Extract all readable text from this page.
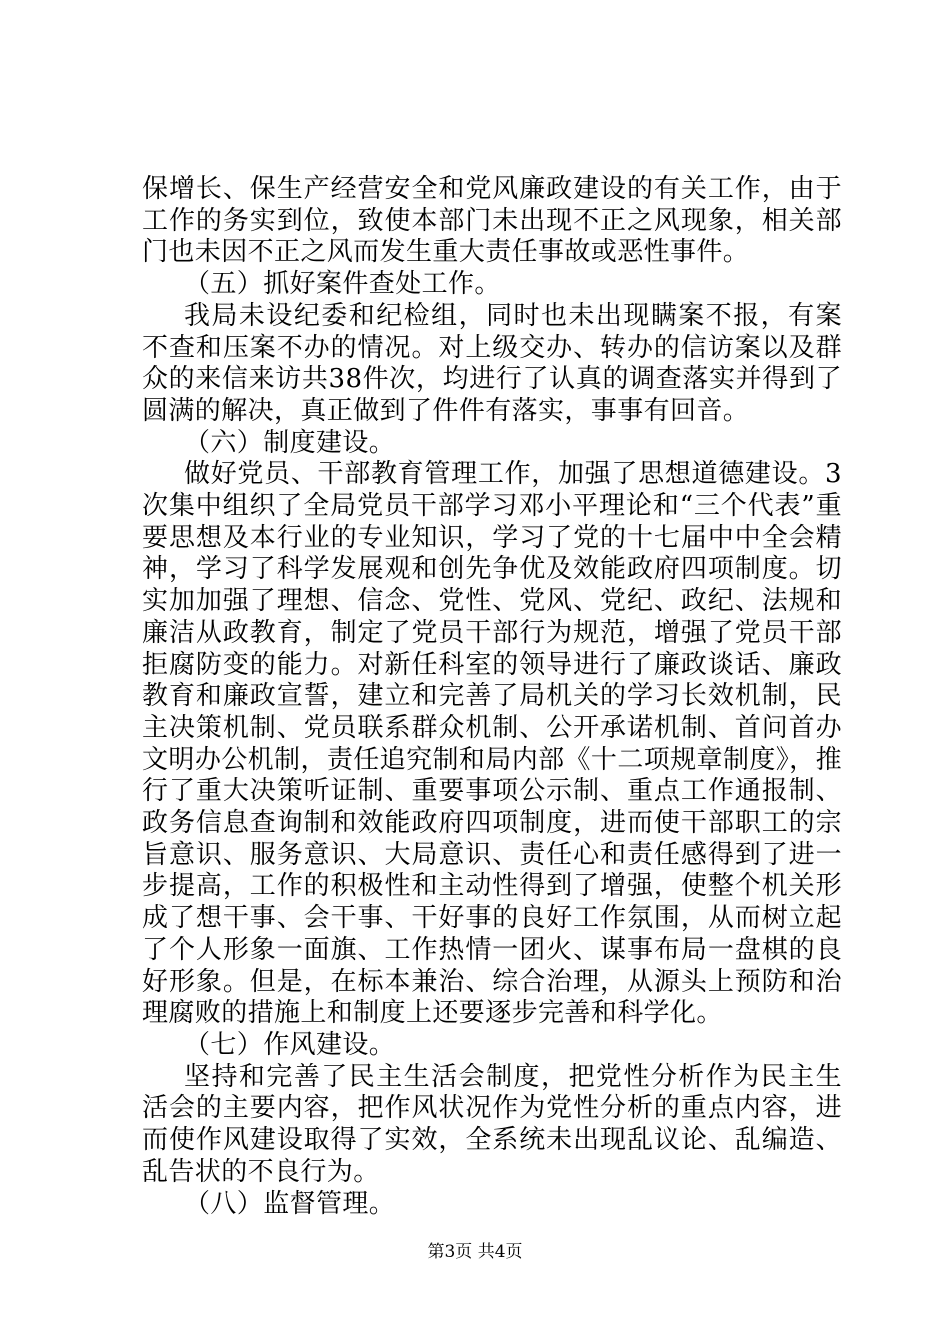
保增长、保生产经营安全和党风廉政建设的有关工作，由于工作的务实到位，致使本部门未出现不正之风现象，相关部门也未因不正之风而发生重大责任事故或恶性事件。

（五）抓好案件查处工作。

我局未设纪委和纪检组，同时也未出现瞒案不报，有案不查和压案不办的情况。对上级交办、转办的信访案以及群众的来信来访共38件次，均进行了认真的调查落实并得到了圆满的解决，真正做到了件件有落实，事事有回音。

（六）制度建设。

做好党员、干部教育管理工作，加强了思想道德建设。3次集中组织了全局党员干部学习邓小平理论和“三个代表”重要思想及本行业的专业知识，学习了党的十七届中中全会精神，学习了科学发展观和创先争优及效能政府四项制度。切实加加强了理想、信念、党性、党风、党纪、政纪、法规和廉洁从政教育，制定了党员干部行为规范，增强了党员干部拒腐防变的能力。对新任科室的领导进行了廉政谈话、廉政教育和廉政宣誓，建立和完善了局机关的学习长效机制，民主决策机制、党员联系群众机制、公开承诺机制、首问首办文明办公机制，责任追究制和局内部《十二项规章制度》，推行了重大决策听证制、重要事项公示制、重点工作通报制、政务信息查询制和效能政府四项制度，进而使干部职工的宗旨意识、服务意识、大局意识、责任心和责任感得到了进一步提高，工作的积极性和主动性得到了增强，使整个机关形成了想干事、会干事、干好事的良好工作氛围，从而树立起了个人形象一面旗、工作热情一团火、谋事布局一盘棋的良好形象。但是，在标本兼治、综合治理，从源头上预防和治理腐败的措施上和制度上还要逐步完善和科学化。

（七）作风建设。

坚持和完善了民主生活会制度，把党性分析作为民主生活会的主要内容，把作风状况作为党性分析的重点内容，进而使作风建设取得了实效，全系统未出现乱议论、乱编造、乱告状的不良行为。

（八）监督管理。

第3页 共4页
